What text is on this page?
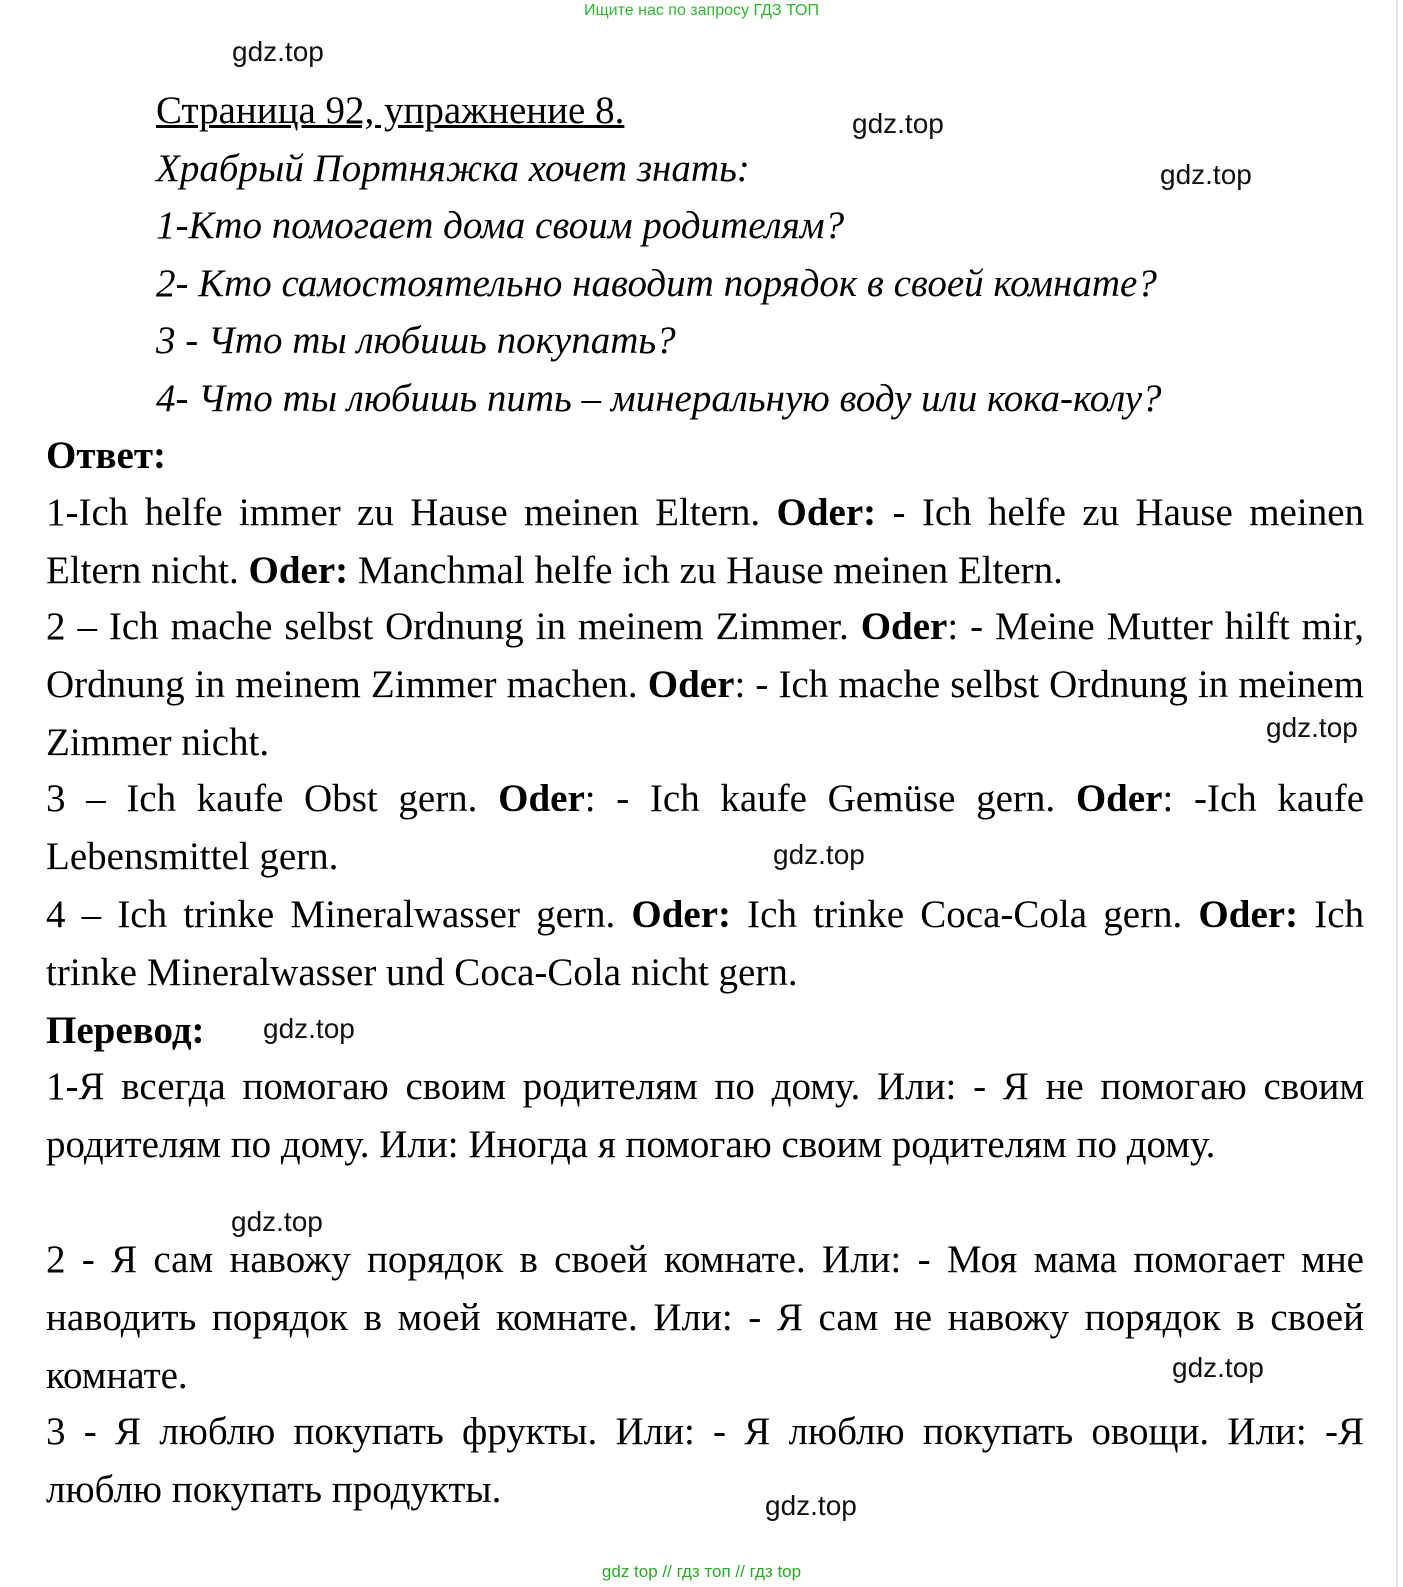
Ищите нас по запросу ГДЗ ТОП
gdz.top
gdz.top
gdz.top
gdz.top
gdz.top
gdz.top
gdz.top
gdz.top
gdz.top
Страница 92, упражнение 8.
Храбрый Портняжка хочет знать:
1-Кто помогает дома своим родителям?
2- Кто самостоятельно наводит порядок в своей комнате?
3 - Что ты любишь покупать?
4- Что ты любишь пить – минеральную воду или кока-колу?
Ответ:
1-Ich helfe immer zu Hause meinen Eltern. Oder: - Ich helfe zu Hause meinen Eltern nicht. Oder: Manchmal helfe ich zu Hause meinen Eltern.
2 – Ich mache selbst Ordnung in meinem Zimmer. Oder: - Meine Mutter hilft mir, Ordnung in meinem Zimmer machen. Oder: - Ich mache selbst Ordnung in meinem Zimmer nicht.
3 – Ich kaufe Obst gern. Oder: - Ich kaufe Gemüse gern. Oder: -Ich kaufe Lebensmittel gern.
4 – Ich trinke Mineralwasser gern. Oder: Ich trinke Coca-Cola gern. Oder: Ich trinke Mineralwasser und Coca-Cola nicht gern.
Перевод:
1-Я всегда помогаю своим родителям по дому. Или: - Я не помогаю своим родителям по дому. Или: Иногда я помогаю своим родителям по дому.
2 - Я сам навожу порядок в своей комнате. Или: - Моя мама помогает мне наводить порядок в моей комнате. Или: - Я сам не навожу порядок в своей комнате.
3 - Я люблю покупать фрукты. Или: - Я люблю покупать овощи. Или: -Я люблю покупать продукты.
gdz top // гдз топ // гдз top
